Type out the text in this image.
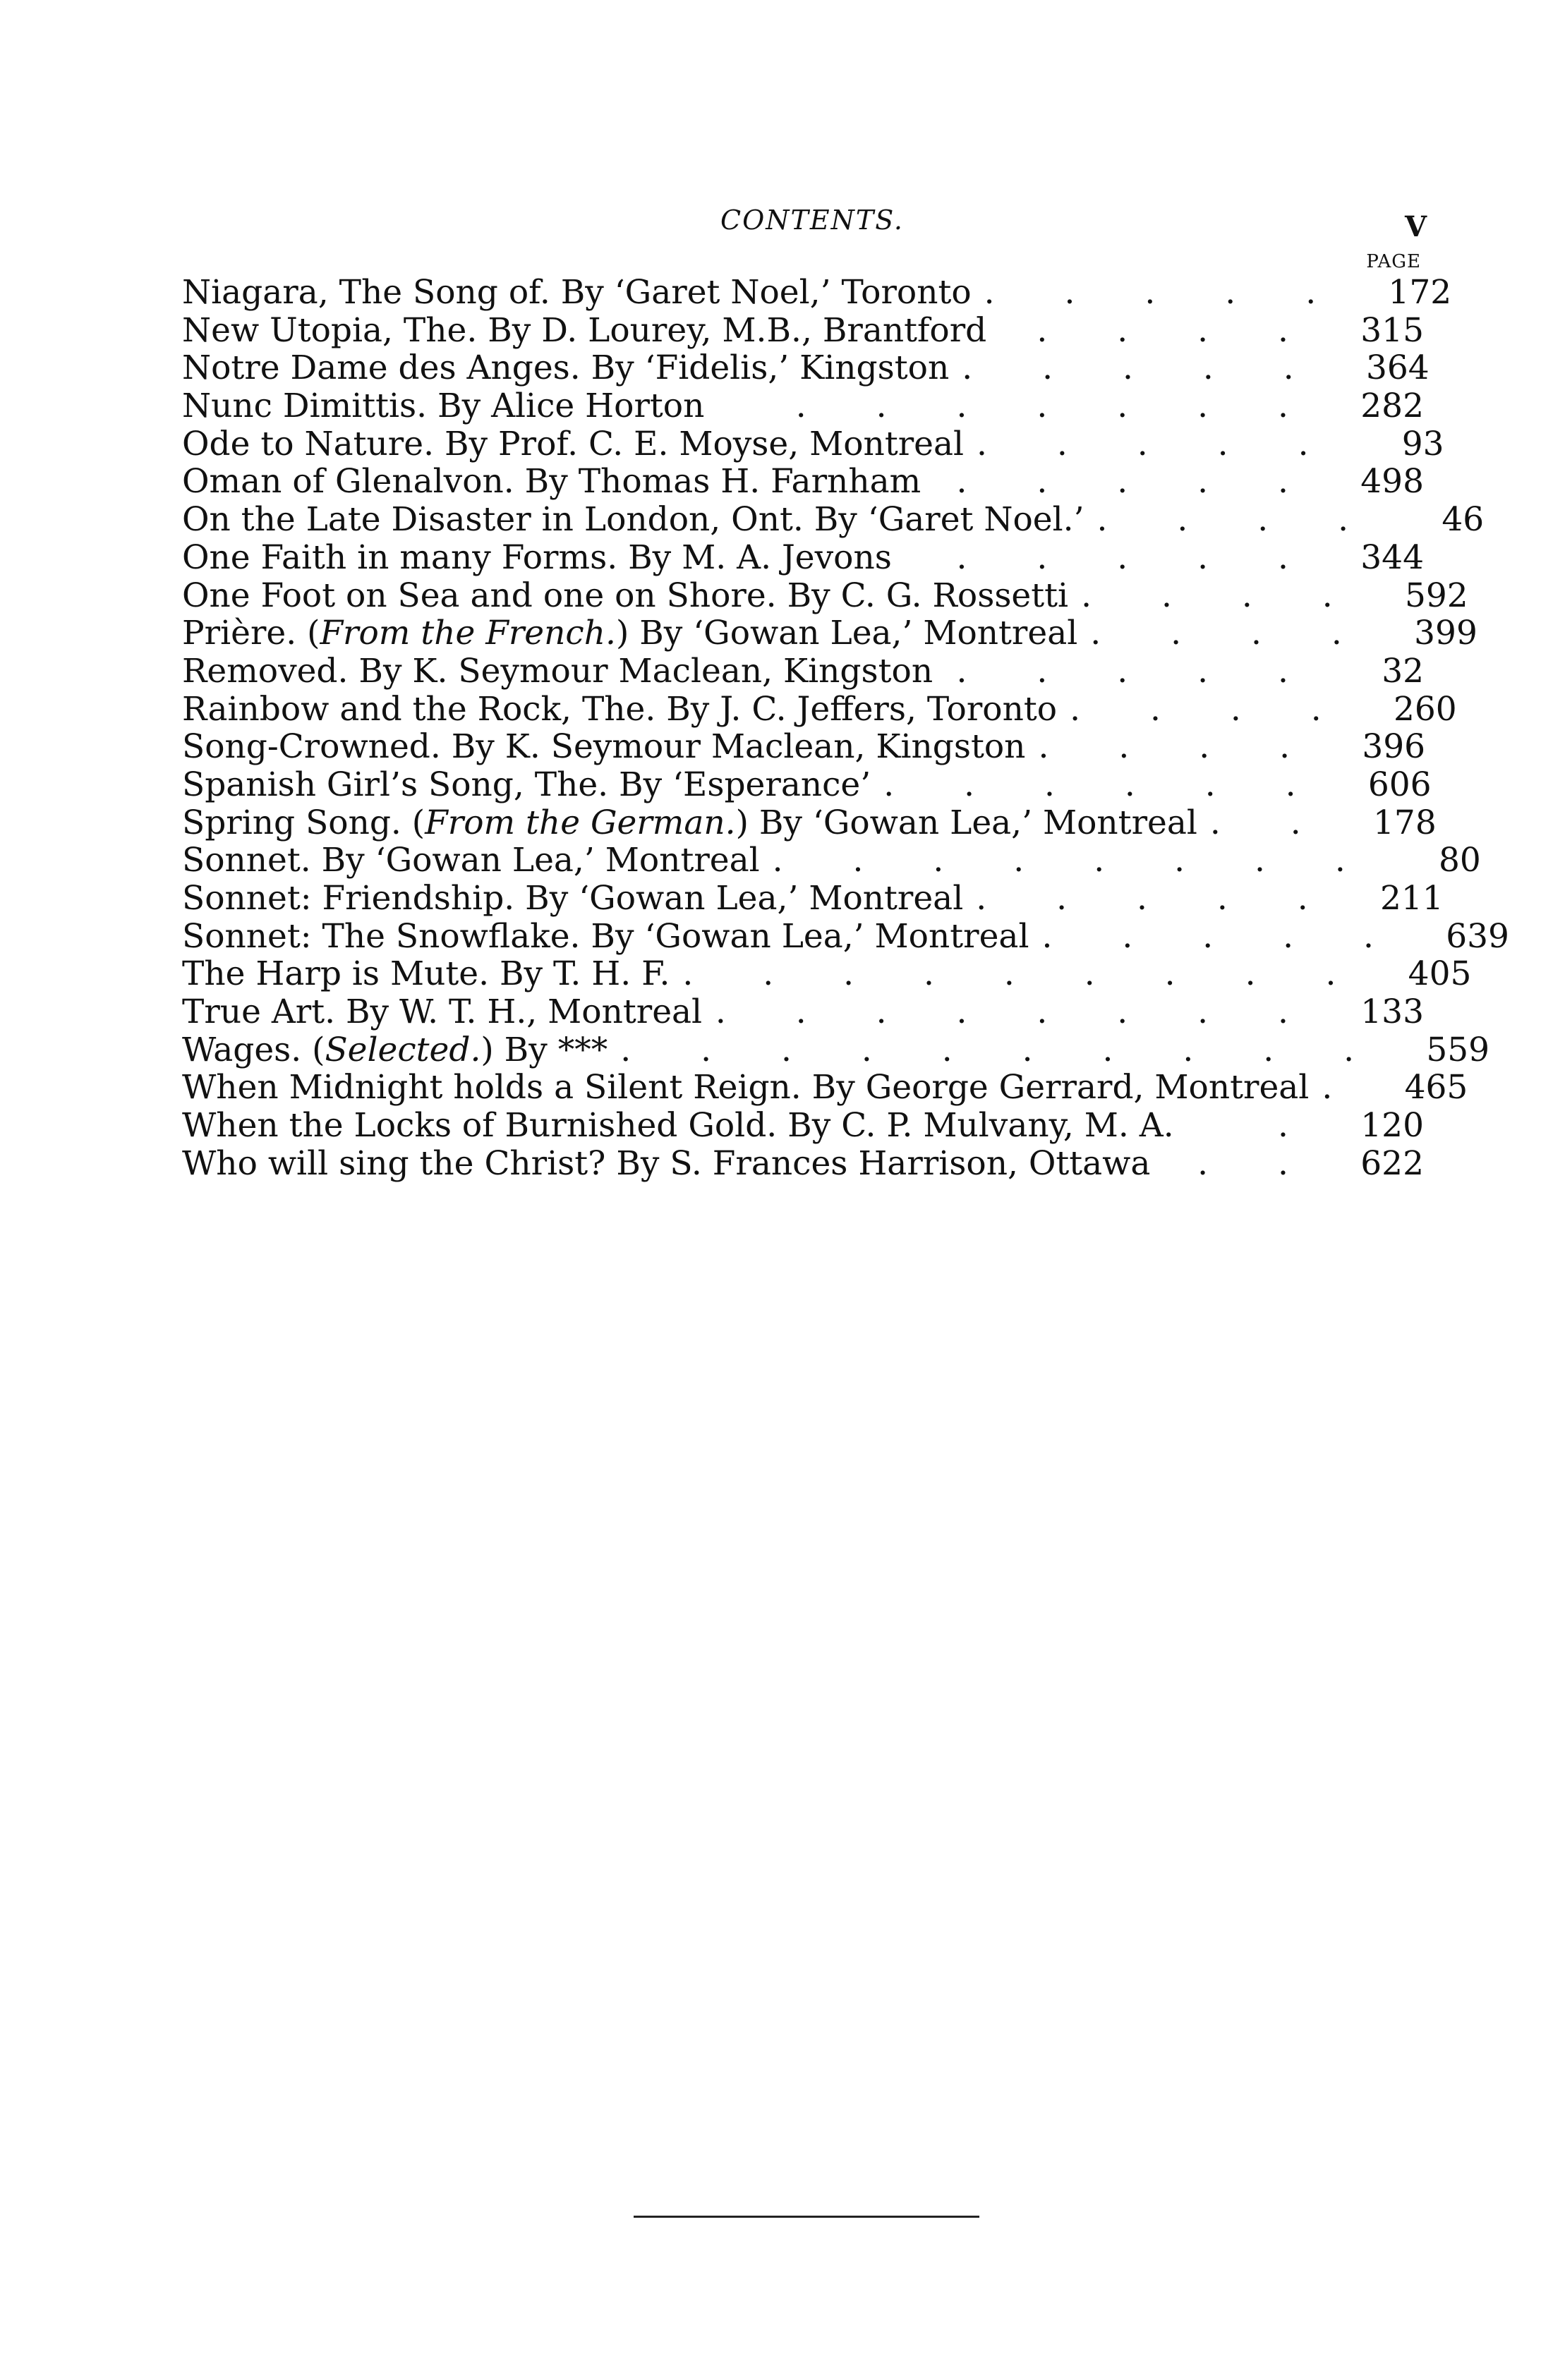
CONTENTS.	V
PAGE
Niagara, The Song of. By ‘Garet Noel,’ Toronto . . . . .	172
New Utopia, The. By D. Lourey, M.B., Brantford	. . . .	315
Notre Dame des Anges. By ‘Fidelis,’ Kingston . . . . .	364
Nunc Dimittis. By Alice Horton	. . . . . . .	282
Ode to Nature. By Prof. C. E. Moyse, Montreal . . . . .	93
Oman of Glenalvon. By Thomas H. Farnham	. . . . .	498
On the Late Disaster in London, Ont. By ‘Garet Noel.’ . . . .	46
One Faith in many Forms. By M. A. Jevons	. . . . .	344
One Foot on Sea and one on Shore. By C. G. Rossetti . . . .	592
Prière. (From the French.) By ‘Gowan Lea,’ Montreal . . . .	399
Removed. By K. Seymour Maclean, Kingston . . . . .	32
Rainbow and the Rock, The. By J. C. Jeffers, Toronto . . . .	260
Song-Crowned. By K. Seymour Maclean, Kingston . . . .	396
Spanish Girl’s Song, The. By ‘Esperance’ . . . . . .	606
Spring Song. (From the German.) By ‘Gowan Lea,’ Montreal . .	178
Sonnet. By ‘Gowan Lea,’ Montreal . . . . . . . .	80
Sonnet: Friendship. By ‘Gowan Lea,’ Montreal . . . . .	211
Sonnet: The Snowflake. By ‘Gowan Lea,’ Montreal . . . . .	639
The Harp is Mute. By T. H. F. . . . . . . . . .	405
True Art. By W. T. H., Montreal . . . . . . . .	133
Wages. (Selected.) By *** . . . . . . . . . .	559
When Midnight holds a Silent Reign. By George Gerrard, Montreal .	465
When the Locks of Burnished Gold. By C. P. Mulvany, M. A.	.	120
Who will sing the Christ? By S. Frances Harrison, Ottawa	. .	622
